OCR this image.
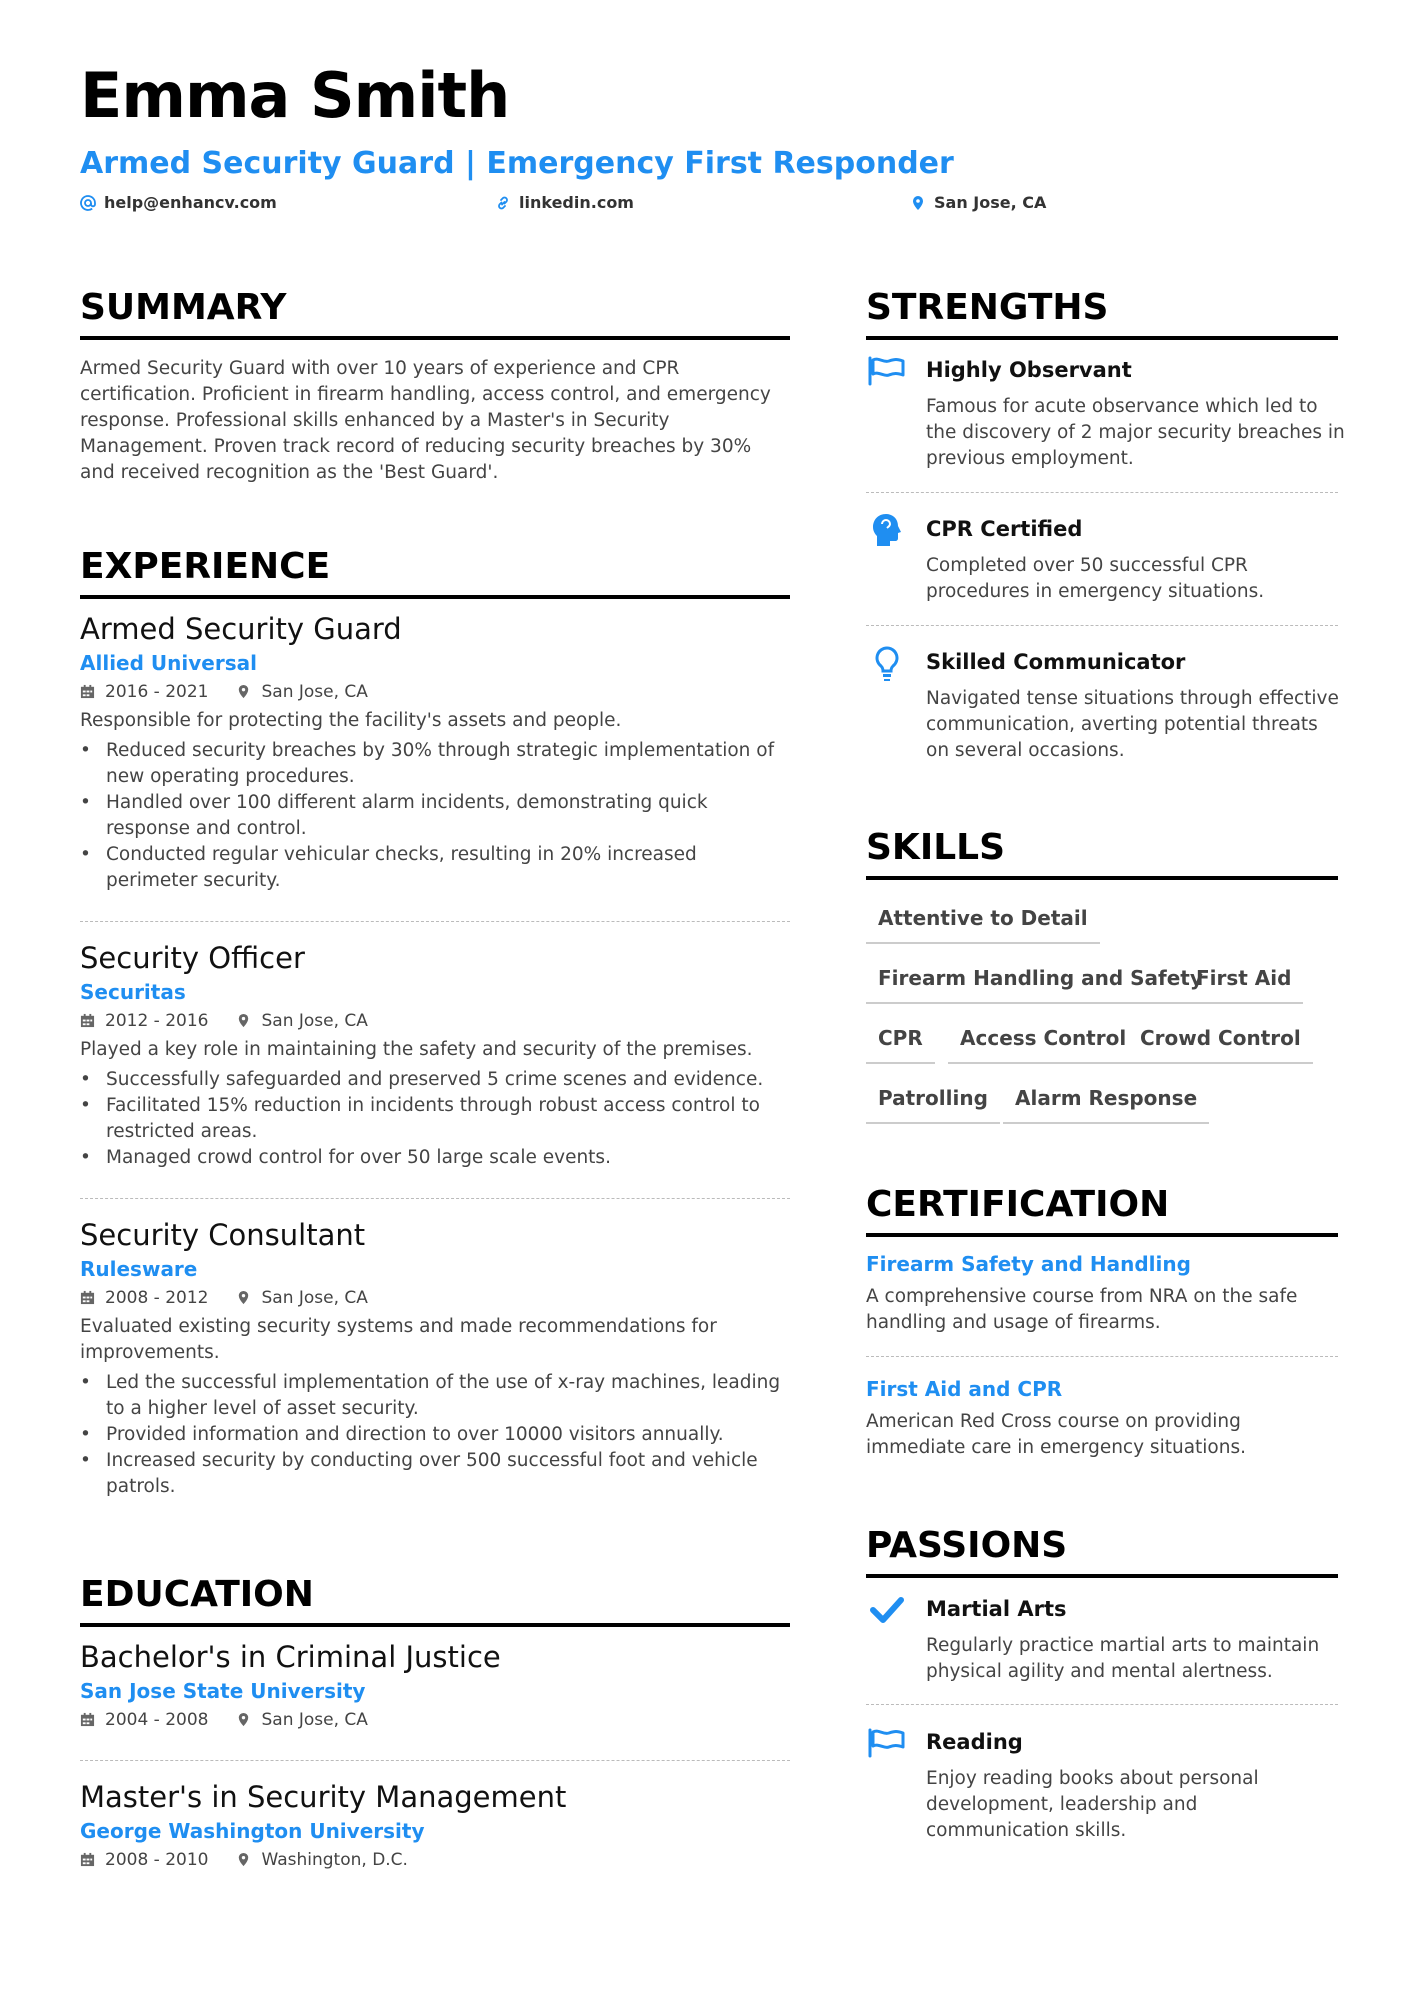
Emma Smith
Armed Security Guard | Emergency First Responder
help@enhancv.com	linkedin.com	San Jose, CA
SUMMARY
Armed Security Guard with over 10 years of experience and CPR certification. Proficient in firearm handling, access control, and emergency response. Professional skills enhanced by a Master's in Security Management. Proven track record of reducing security breaches by 30% and received recognition as the 'Best Guard'.
EXPERIENCE
Armed Security Guard
Allied Universal
2016 - 2021	San Jose, CA
Responsible for protecting the facility's assets and people.
• Reduced security breaches by 30% through strategic implementation of new operating procedures.
• Handled over 100 different alarm incidents, demonstrating quick response and control.
• Conducted regular vehicular checks, resulting in 20% increased perimeter security.
Security Officer
Securitas
2012 - 2016	San Jose, CA
Played a key role in maintaining the safety and security of the premises.
• Successfully safeguarded and preserved 5 crime scenes and evidence.
• Facilitated 15% reduction in incidents through robust access control to restricted areas.
• Managed crowd control for over 50 large scale events.
Security Consultant
Rulesware
2008 - 2012	San Jose, CA
Evaluated existing security systems and made recommendations for improvements.
• Led the successful implementation of the use of x-ray machines, leading to a higher level of asset security.
• Provided information and direction to over 10000 visitors annually.
• Increased security by conducting over 500 successful foot and vehicle patrols.
EDUCATION
Bachelor's in Criminal Justice
San Jose State University
2004 - 2008	San Jose, CA
Master's in Security Management
George Washington University
2008 - 2010	Washington, D.C.
STRENGTHS
Highly Observant
Famous for acute observance which led to the discovery of 2 major security breaches in previous employment.
CPR Certified
Completed over 50 successful CPR procedures in emergency situations.
Skilled Communicator
Navigated tense situations through effective communication, averting potential threats on several occasions.
SKILLS
Attentive to Detail
Firearm Handling and Safety
First Aid
CPR	Access Control Crowd Control
Patrolling	Alarm Response
CERTIFICATION
Firearm Safety and Handling
A comprehensive course from NRA on the safe handling and usage of firearms.
First Aid and CPR
American Red Cross course on providing immediate care in emergency situations.
PASSIONS
Martial Arts
Regularly practice martial arts to maintain physical agility and mental alertness.
Reading
Enjoy reading books about personal development, leadership and communication skills.
